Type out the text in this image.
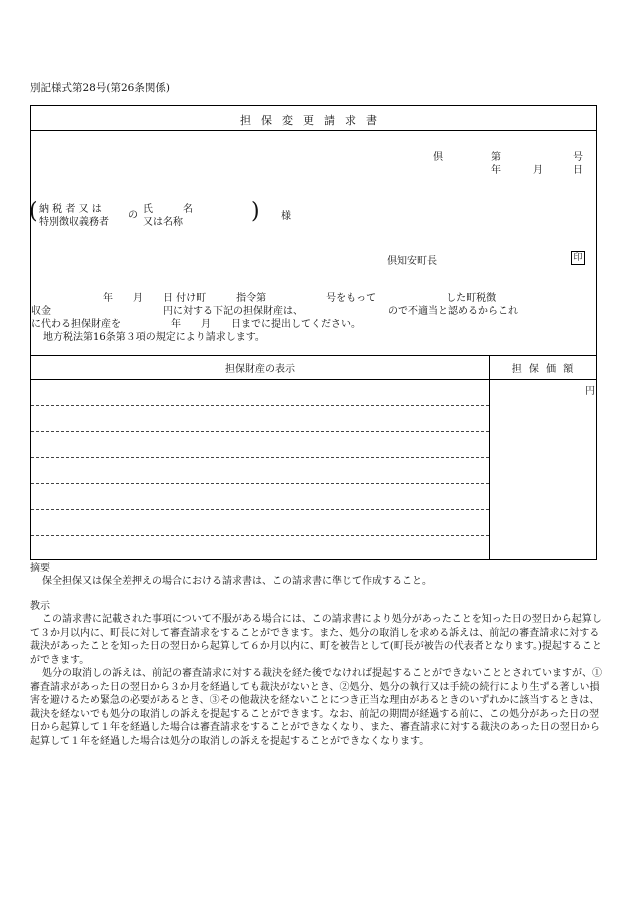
別記様式第28号(第26条関係)
担保変更請求書
倶	第	号
年	月	日
( 納 税 者 又 は
特別徴収義務者
の
氏　　　名
又は名称	) 様
倶知安町長	印
年　　月　　日 付け町　　　指令第　　　　　　号をもって　　　　　　　した町税徴
収金	円に対する下記の担保財産は、　　　　　　　　　ので不適当と認めるからこれ
に代わる担保財産を　　　　　年　　月　　日までに提出してください。
地方税法第16条第３項の規定により請求します。
担保財産の表示	担 保 価 額
円
摘要
保全担保又は保全差押えの場合における請求書は、この請求書に準じて作成すること。
教示
この請求書に記載された事項について不服がある場合には、この請求書により処分があったことを知った日の翌日から起算して３か月以内に、町長に対して審査請求をすることができます。また、処分の取消しを求める訴えは、前記の審査請求に対する裁決があったことを知った日の翌日から起算して６か月以内に、町を被告として(町長が被告の代表者となります。)提起することができます。
処分の取消しの訴えは、前記の審査請求に対する裁決を経た後でなければ提起することができないこととされていますが、①審査請求があった日の翌日から３か月を経過しても裁決がないとき、②処分、処分の執行又は手続の続行により生ずる著しい損害を避けるため緊急の必要があるとき、③その他裁決を経ないことにつき正当な理由があるときのいずれかに該当するときは、裁決を経ないでも処分の取消しの訴えを提起することができます。なお、前記の期間が経過する前に、この処分があった日の翌日から起算して１年を経過した場合は審査請求をすることができなくなり、また、審査請求に対する裁決のあった日の翌日から起算して１年を経過した場合は処分の取消しの訴えを提起することができなくなります。
